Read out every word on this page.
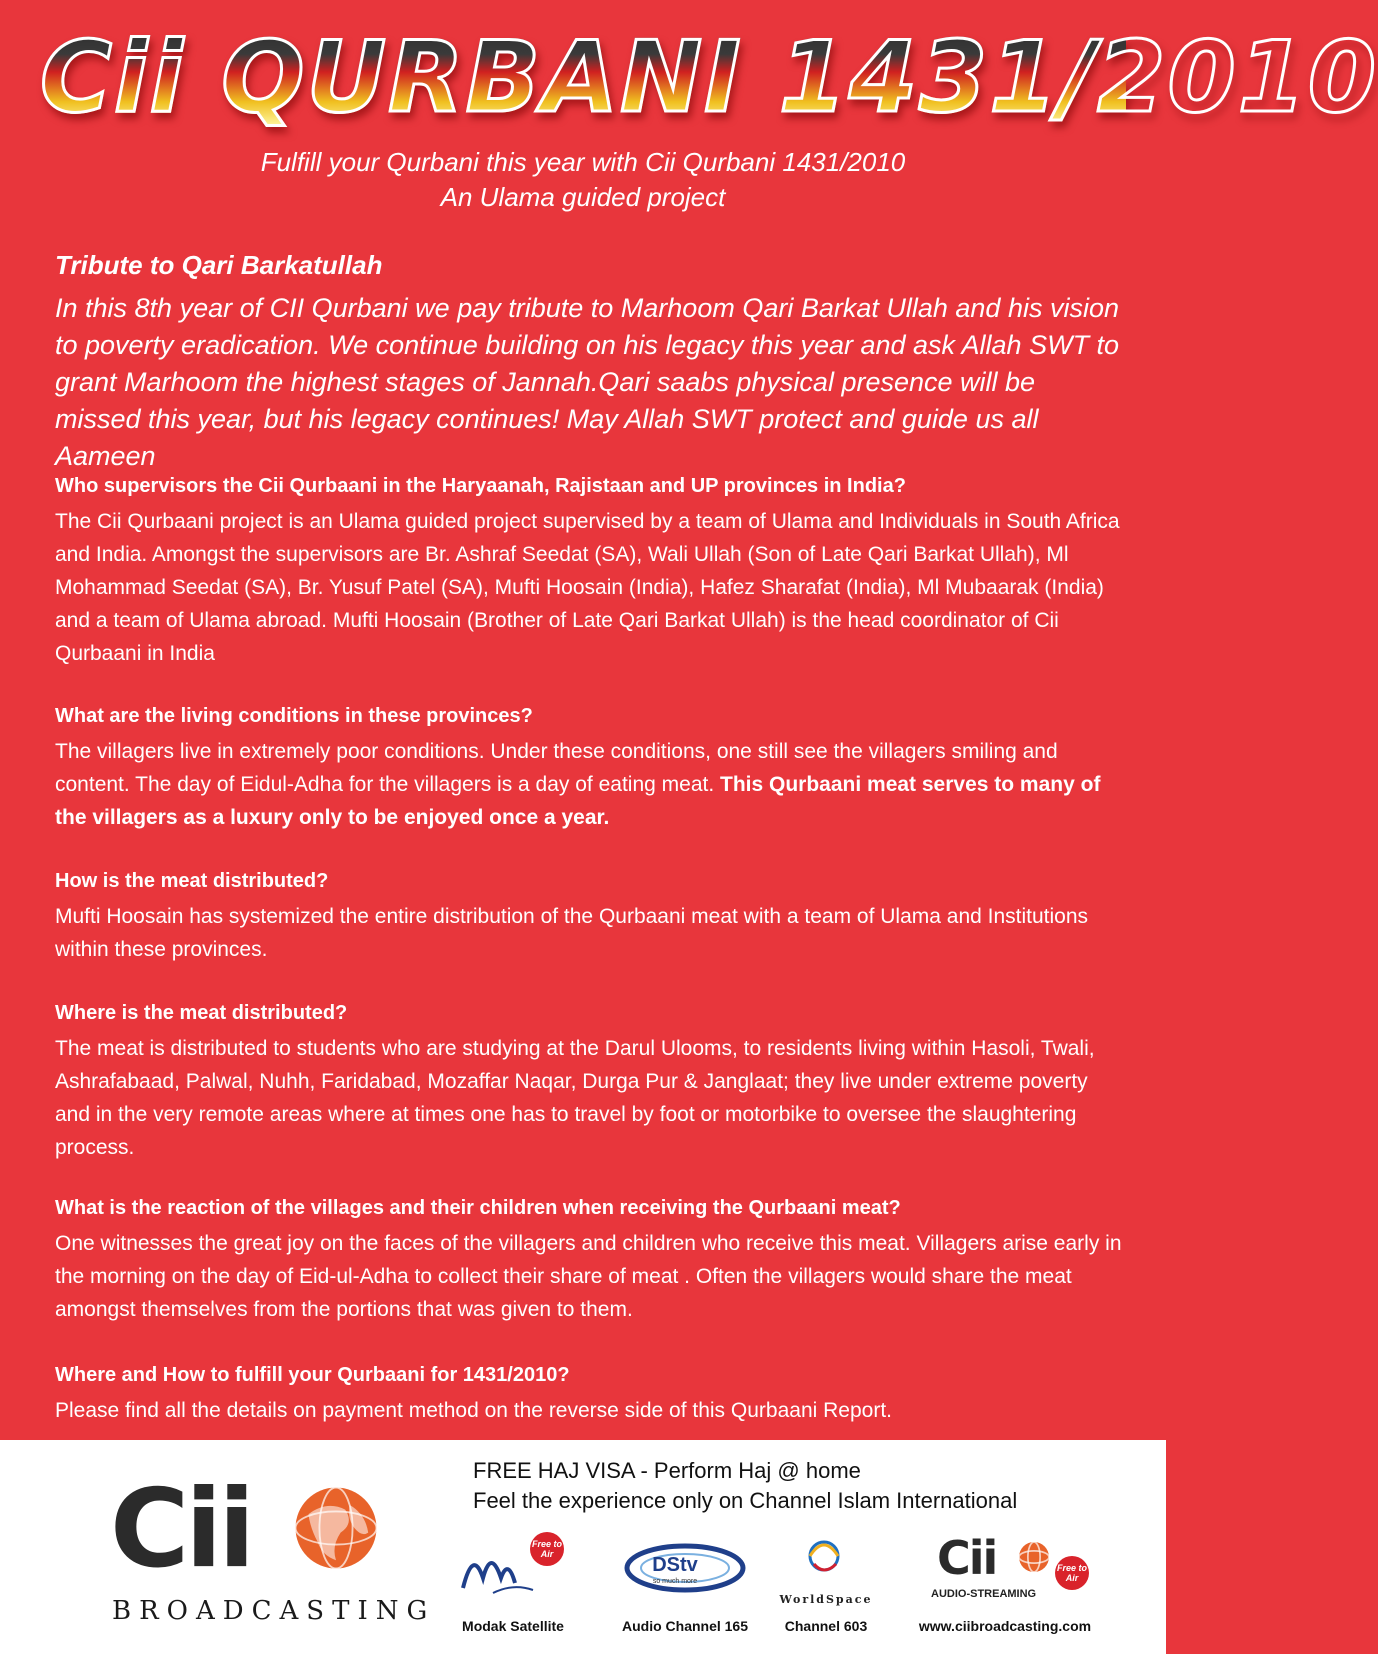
Cii QURBANI 1431/2010
Fulfill your Qurbani this year with Cii Qurbani 1431/2010
An Ulama guided project
Tribute to Qari Barkatullah

In this 8th year of CII Qurbani we pay tribute to Marhoom Qari Barkat Ullah and his vision to poverty eradication. We continue building on his legacy this year and ask Allah SWT to grant Marhoom the highest stages of Jannah.Qari saabs physical presence will be missed this year, but his legacy continues! May Allah SWT protect and guide us all Aameen

Who supervisors the Cii Qurbaani in the Haryaanah, Rajistaan and UP provinces in India?
The Cii Qurbaani project is an Ulama guided project supervised by a team of Ulama and Individuals in South Africa and India. Amongst the supervisors are Br. Ashraf Seedat (SA), Wali Ullah (Son of Late Qari Barkat Ullah), Ml Mohammad Seedat (SA), Br. Yusuf Patel (SA), Mufti Hoosain (India), Hafez Sharafat (India), Ml Mubaarak (India) and a team of Ulama abroad. Mufti Hoosain (Brother of Late Qari Barkat Ullah) is the head coordinator of Cii Qurbaani in India
What are the living conditions in these provinces?
The villagers live in extremely poor conditions. Under these conditions, one still see the villagers smiling and content. The day of Eidul-Adha for the villagers is a day of eating meat. This Qurbaani meat serves to many of the villagers as a luxury only to be enjoyed once a year.
How is the meat distributed?
Mufti Hoosain has systemized the entire distribution of the Qurbaani meat with a team of Ulama and Institutions within these provinces.
Where is the meat distributed?
The meat is distributed to students who are studying at the Darul Ulooms, to residents living within Hasoli, Twali, Ashrafabaad, Palwal, Nuhh, Faridabad, Mozaffar Naqar, Durga Pur & Janglaat; they live under extreme poverty and in the very remote areas where at times one has to travel by foot or motorbike to oversee the slaughtering process.
What is the reaction of the villages and their children when receiving the Qurbaani meat?
One witnesses the great joy on the faces of the villagers and children who receive this meat. Villagers arise early in the morning on the day of Eid-ul-Adha to collect their share of meat . Often the villagers would share the meat amongst themselves from the portions that was given to them.
Where and How to fulfill your Qurbaani for 1431/2010?
Please find all the details on payment method on the reverse side of this Qurbaani Report.
Cii
BROADCASTING
FREE HAJ VISA - Perform Haj @ home
Feel the experience only on Channel Islam International
Free to Air
Modak Satellite
DStv
so much more
Audio Channel 165
WorldSpace
Channel 603
Cii
AUDIO-STREAMING
Free to Air
www.ciibroadcasting.com
